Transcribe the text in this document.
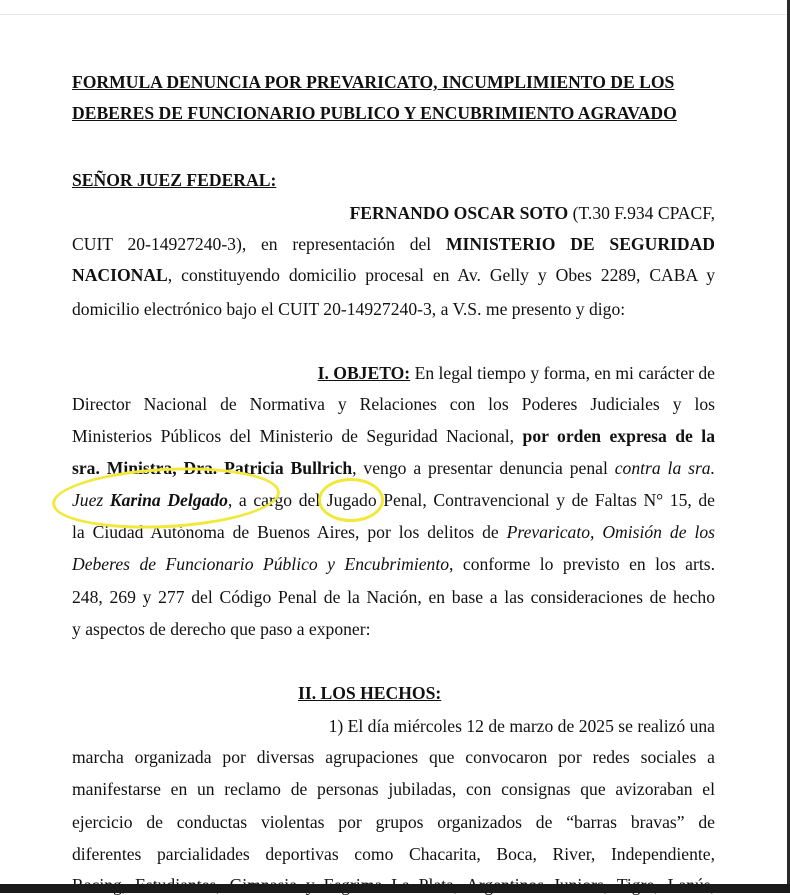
FORMULA DENUNCIA POR PREVARICATO, INCUMPLIMIENTO DE LOS
DEBERES DE FUNCIONARIO PUBLICO Y ENCUBRIMIENTO AGRAVADO
SEÑOR JUEZ FEDERAL:
FERNANDO OSCAR SOTO (T.30 F.934 CPACF,
CUIT 20-14927240-3), en representación del MINISTERIO DE SEGURIDAD
NACIONAL, constituyendo domicilio procesal en Av. Gelly y Obes 2289, CABA y
domicilio electrónico bajo el CUIT 20-14927240-3, a V.S. me presento y digo:
I. OBJETO: En legal tiempo y forma, en mi carácter de
Director Nacional de Normativa y Relaciones con los Poderes Judiciales y los
Ministerios Públicos del Ministerio de Seguridad Nacional, por orden expresa de la
sra. Ministra, Dra. Patricia Bullrich, vengo a presentar denuncia penal contra la sra.
Juez Karina Delgado, a cargo del Jugado Penal, Contravencional y de Faltas N° 15, de
la Ciudad Autónoma de Buenos Aires, por los delitos de Prevaricato, Omisión de los
Deberes de Funcionario Público y Encubrimiento, conforme lo previsto en los arts.
248, 269 y 277 del Código Penal de la Nación, en base a las consideraciones de hecho
y aspectos de derecho que paso a exponer:
II. LOS HECHOS:
1) El día miércoles 12 de marzo de 2025 se realizó una
marcha organizada por diversas agrupaciones que convocaron por redes sociales a
manifestarse en un reclamo de personas jubiladas, con consignas que avizoraban el
ejercicio de conductas violentas por grupos organizados de “barras bravas” de
diferentes parcialidades deportivas como Chacarita, Boca, River, Independiente,
